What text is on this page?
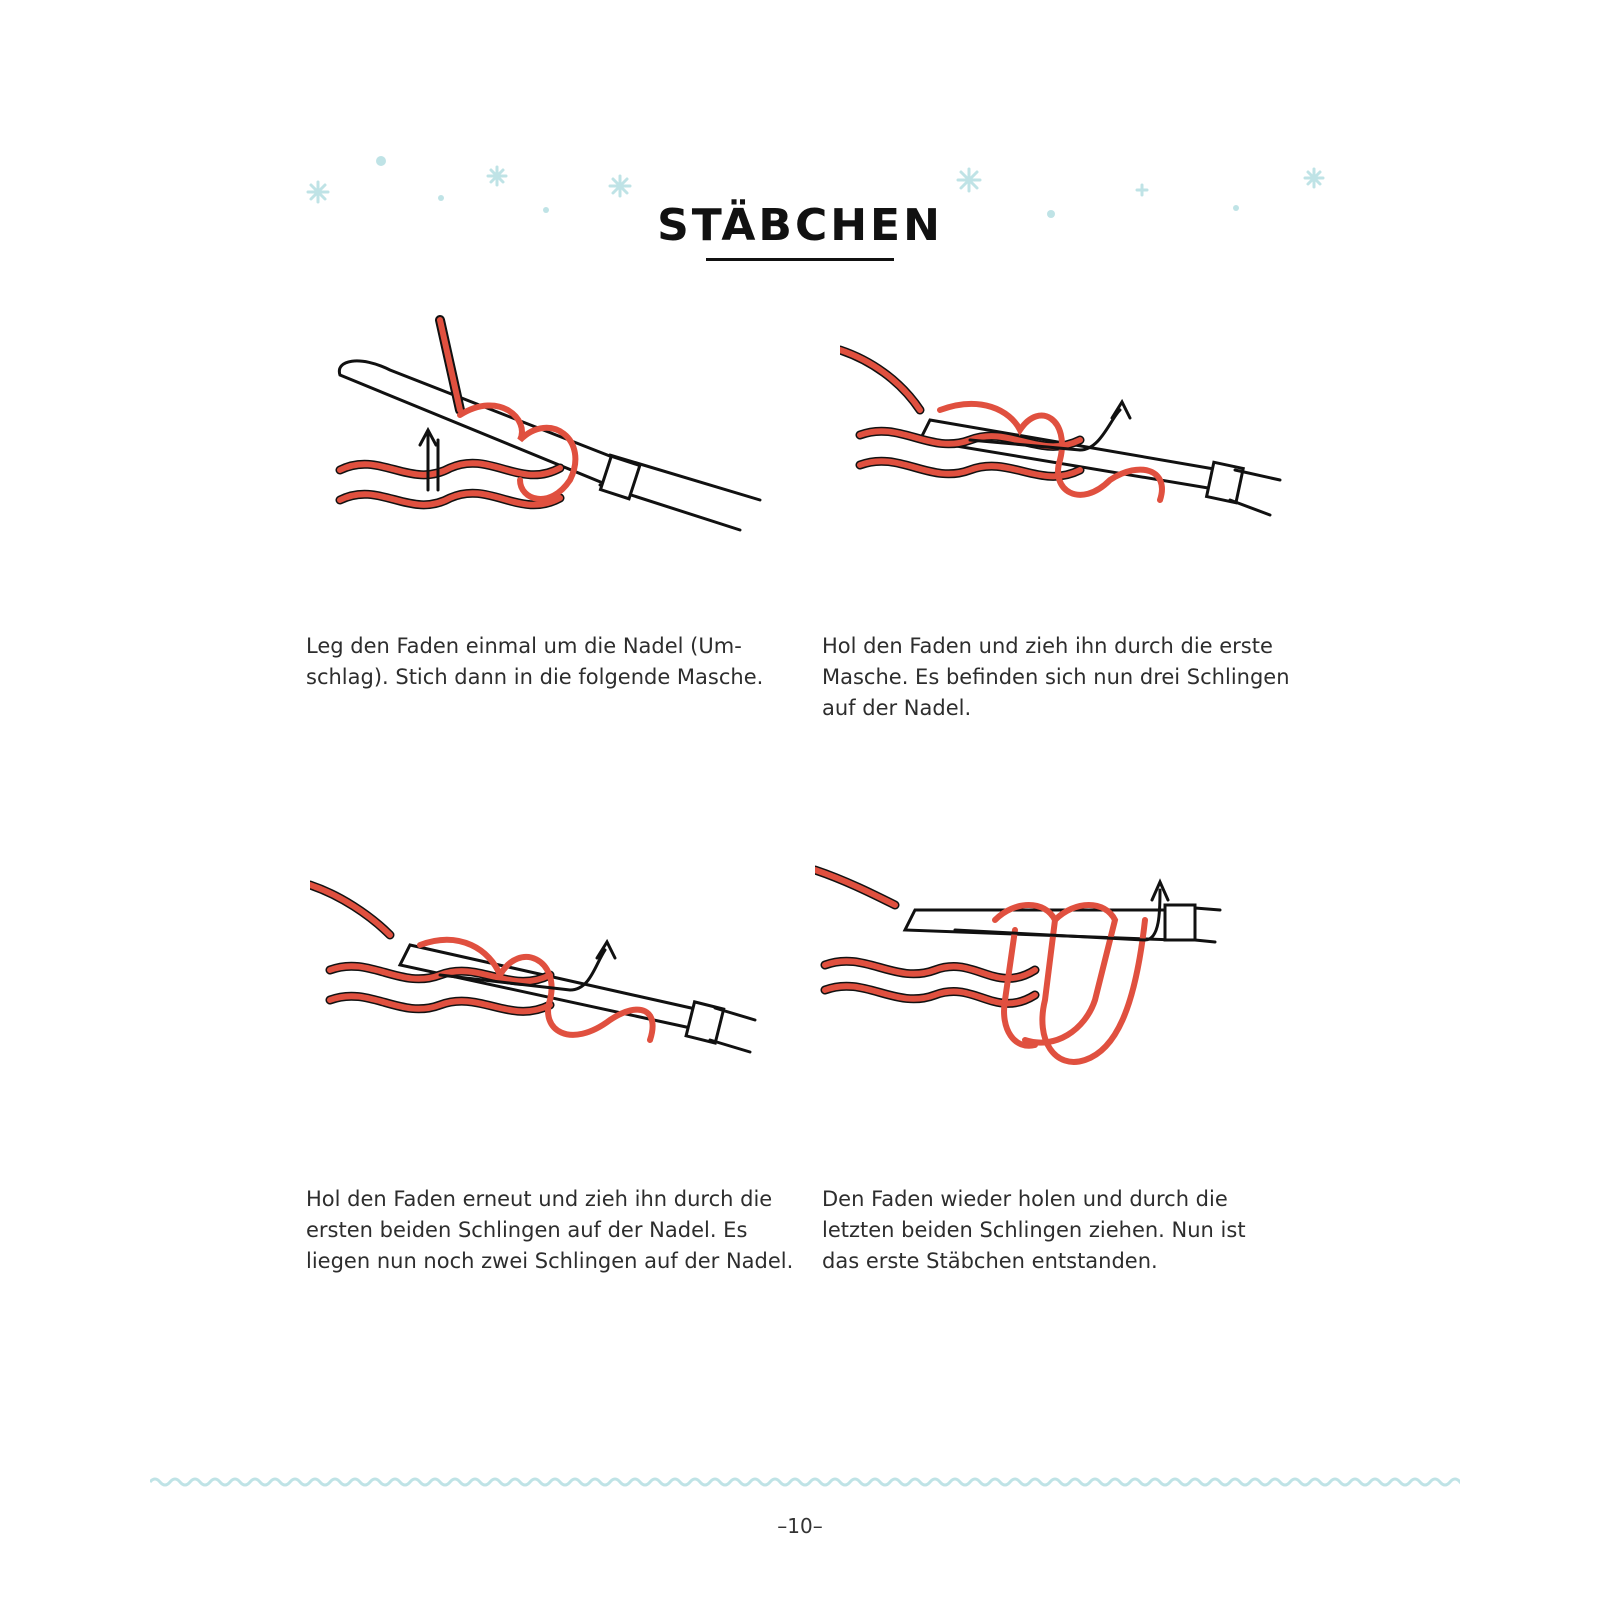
STÄBCHEN

Leg den Faden einmal um die Nadel (Um-
schlag). Stich dann in die folgende Masche.

Hol den Faden und zieh ihn durch die erste
Masche. Es befinden sich nun drei Schlingen
auf der Nadel.

Hol den Faden erneut und zieh ihn durch die
ersten beiden Schlingen auf der Nadel. Es
liegen nun noch zwei Schlingen auf der Nadel.

Den Faden wieder holen und durch die
letzten beiden Schlingen ziehen. Nun ist
das erste Stäbchen entstanden.

–10–
